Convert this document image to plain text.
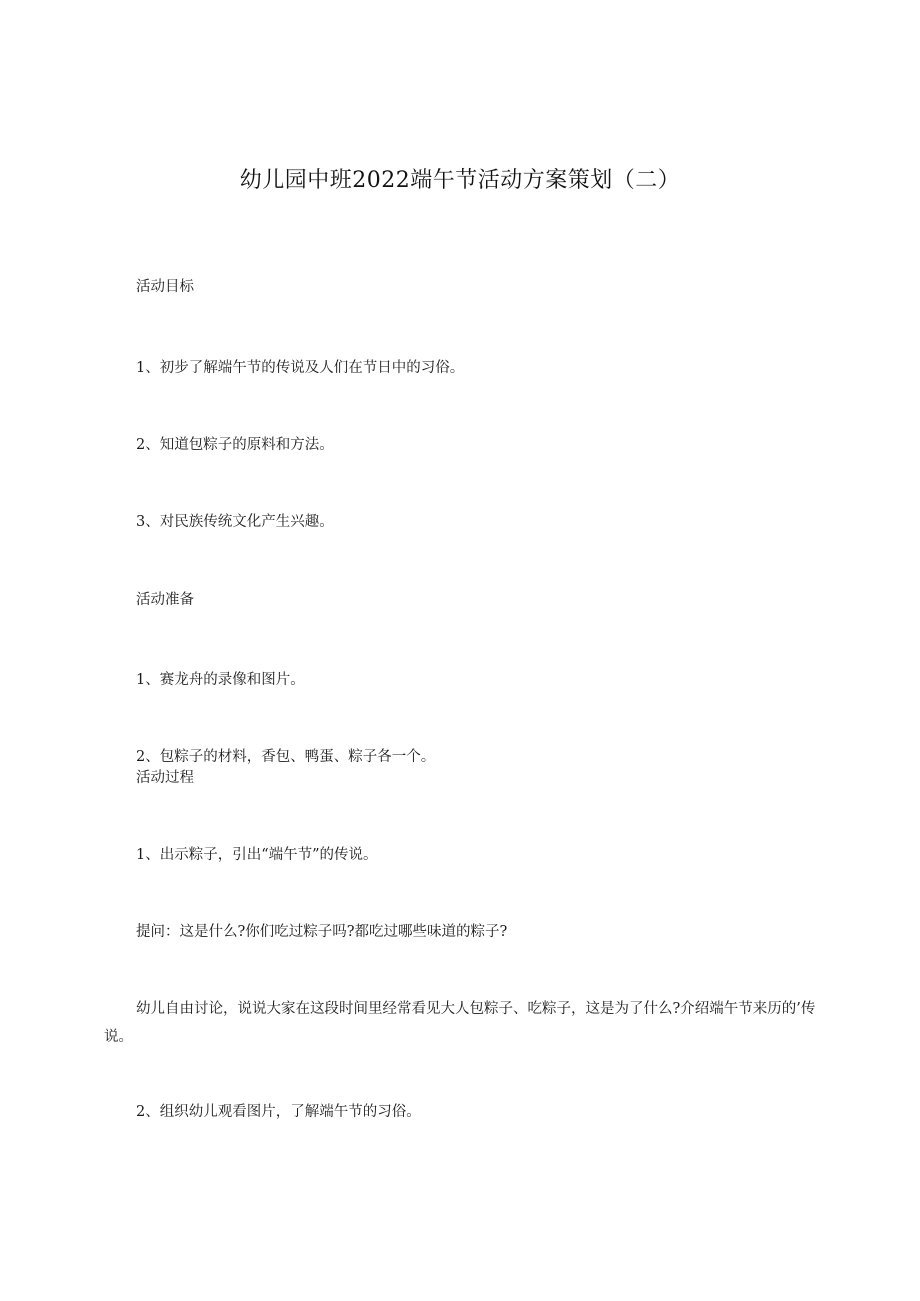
幼儿园中班2022端午节活动方案策划（二）
活动目标
1、初步了解端午节的传说及人们在节日中的习俗。
2、知道包粽子的原料和方法。
3、对民族传统文化产生兴趣。
活动准备
1、赛龙舟的录像和图片。
2、包粽子的材料，香包、鸭蛋、粽子各一个。
活动过程
1、出示粽子，引出“端午节”的传说。
提问：这是什么?你们吃过粽子吗?都吃过哪些味道的粽子?
幼儿自由讨论，说说大家在这段时间里经常看见大人包粽子、吃粽子，这是为了什么?介绍端午节来历的’传说。
2、组织幼儿观看图片，了解端午节的习俗。
